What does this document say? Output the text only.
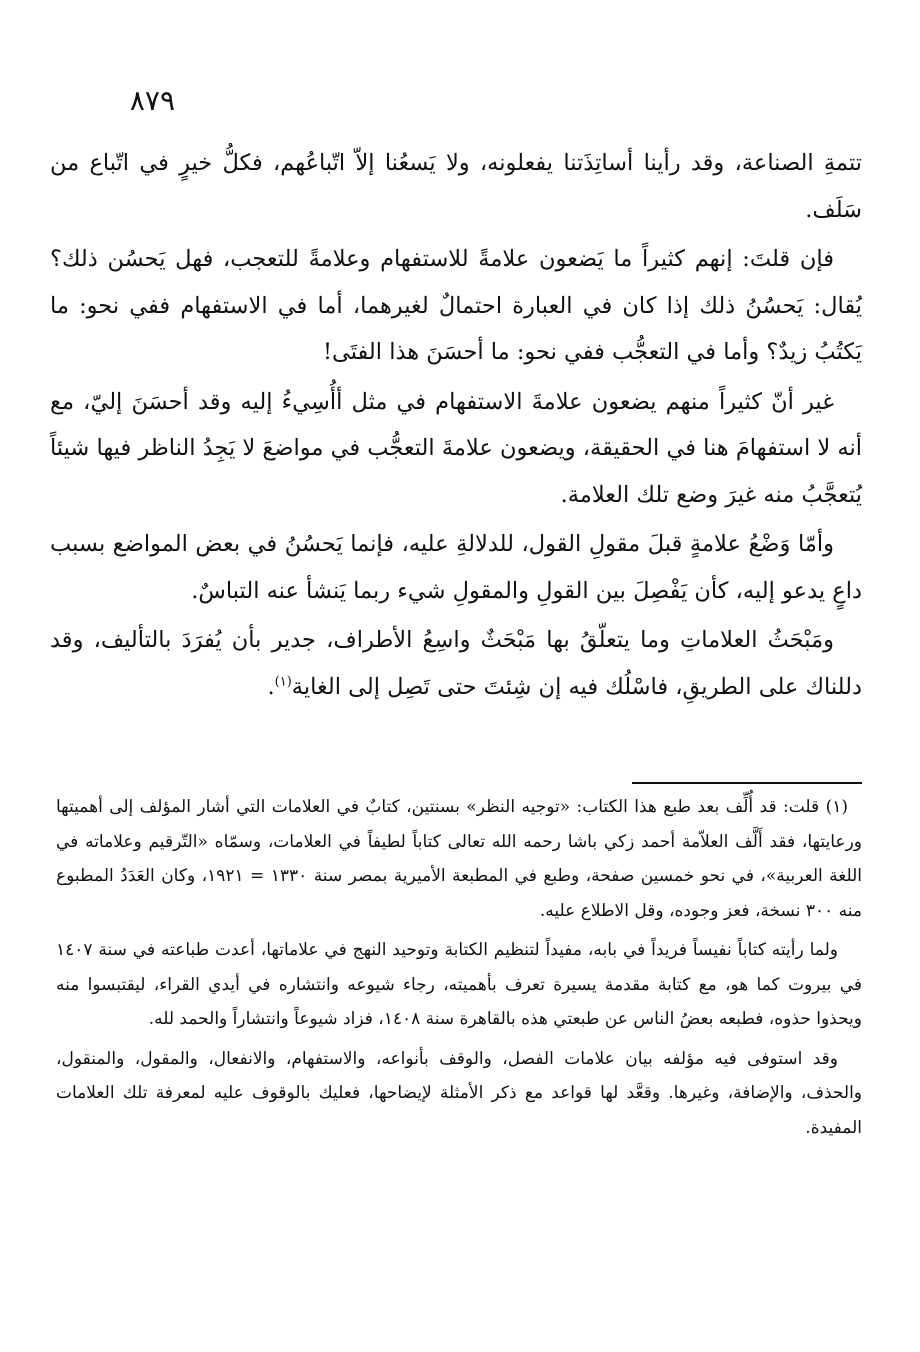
٨٧٩

تتمةِ الصناعة، وقد رأينا أساتِذَتنا يفعلونه، ولا يَسعُنا إلاّ اتّباعُهم، فكلُّ خيرٍ في اتّباع من سَلَف.

فإن قلتَ: إنهم كثيراً ما يَضعون علامةً للاستفهام وعلامةً للتعجب، فهل يَحسُن ذلك؟ يُقال: يَحسُنُ ذلك إذا كان في العبارة احتمالٌ لغيرهما، أما في الاستفهام ففي نحو: ما يَكتُبُ زيدٌ؟ وأما في التعجُّب ففي نحو: ما أحسَنَ هذا الفتَى!

غير أنّ كثيراً منهم يضعون علامةَ الاستفهام في مثل أأُسِيءُ إليه وقد أحسَنَ إليّ، مع أنه لا استفهامَ هنا في الحقيقة، ويضعون علامةَ التعجُّب في مواضعَ لا يَجِدُ الناظر فيها شيئاً يُتعجَّبُ منه غيرَ وضع تلك العلامة.

وأمّا وَضْعُ علامةٍ قبلَ مقولِ القول، للدلالةِ عليه، فإنما يَحسُنُ في بعض المواضع بسبب داعٍ يدعو إليه، كأن يَفْصِلَ بين القولِ والمقولِ شيء ربما يَنشأ عنه التباسٌ.

ومَبْحَثُ العلاماتِ وما يتعلّقُ بها مَبْحَثٌ واسِعُ الأطراف، جدير بأن يُفرَدَ بالتأليف، وقد دللناك على الطريقِ، فاسْلُك فيه إن شِئتَ حتى تَصِل إلى الغاية$^{(١)}$.

(١) قلت: قد أُلِّف بعد طبع هذا الكتاب: «توجيه النظر» بسنتين، كتابٌ في العلامات التي أشار المؤلف إلى أهميتها ورعايتها، فقد أَلَّف العلاّمة أحمد زكي باشا رحمه الله تعالى كتاباً لطيفاً في العلامات، وسمّاه «التّرقيم وعلاماته في اللغة العربية»، في نحو خمسين صفحة، وطبع في المطبعة الأميرية بمصر سنة ١٣٣٠ = ١٩٢١، وكان العَدَدُ المطبوع منه ٣٠٠ نسخة، فعز وجوده، وقل الاطلاع عليه.

ولما رأيته كتاباً نفيساً فريداً في بابه، مفيداً لتنظيم الكتابة وتوحيد النهج في علاماتها، أعدت طباعته في سنة ١٤٠٧ في بيروت كما هو، مع كتابة مقدمة يسيرة تعرف بأهميته، رجاء شيوعه وانتشاره في أيدي القراء، ليقتبسوا منه ويحذوا حذوه، فطبعه بعضُ الناس عن طبعتي هذه بالقاهرة سنة ١٤٠٨، فزاد شيوعاً وانتشاراً والحمد لله.

وقد استوفى فيه مؤلفه بيان علامات الفصل، والوقف بأنواعه، والاستفهام، والانفعال، والمقول، والمنقول، والحذف، والإضافة، وغيرها. وقعَّد لها قواعد مع ذكر الأمثلة لإيضاحها، فعليك بالوقوف عليه لمعرفة تلك العلامات المفيدة.
